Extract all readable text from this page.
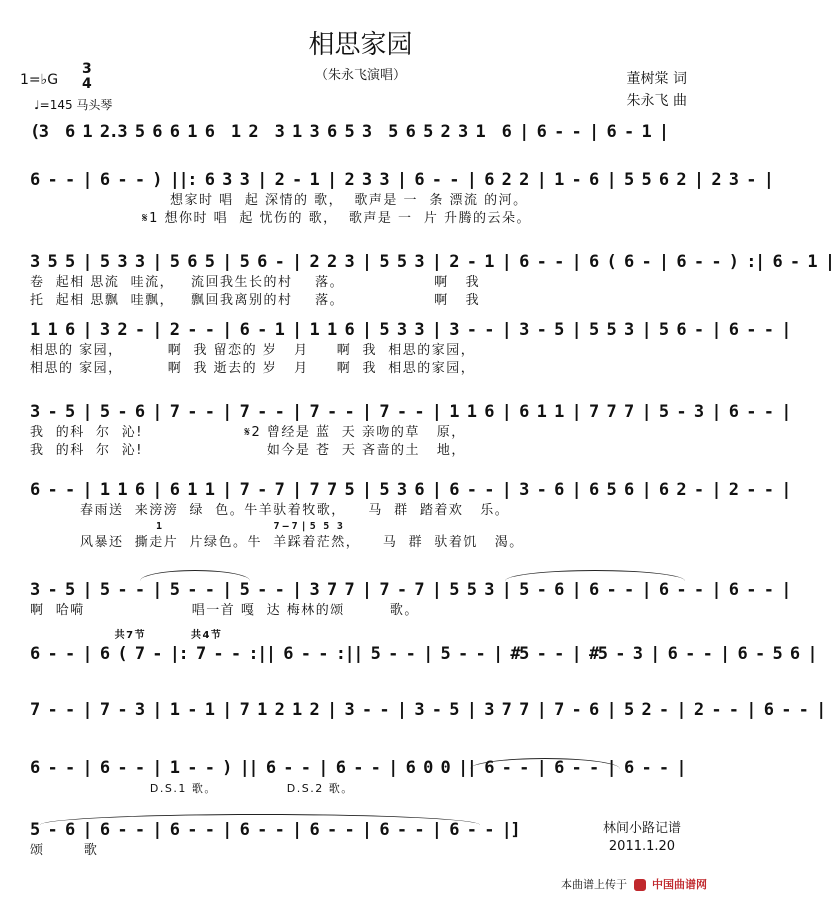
相思家园
（朱永飞演唱）	董树棠 词
朱永飞 曲
1=♭G
3
4
♩=145 马头琴
(3  6 1 2.3 5 6 6 1 6  1 2  3 1 3 6 5 3  5 6 5 2 3 1  6 | 6 - - | 6 - 1 |
6 - - | 6 - - ) ||: 6 3 3 | 2 - 1 | 2 3 3 | 6 - - | 6 2 2 | 1 - 6 | 5 5 6 2 | 2 3 - |
想家时 唱  起 深情的 歌，  歌声是 一  条 漂流 的河。
𝄋1 想你时 唱  起 忧伤的 歌，  歌声是 一  片 升腾的云朵。
3 5 5 | 5 3 3 | 5 6 5 | 5 6 - | 2 2 3 | 5 5 3 | 2 - 1 | 6 - - | 6 ( 6 - | 6 - - ) :| 6 - 1 |
卷  起相 思流  哇流，   流回我生长的村    落。                啊   我
托  起相 思飘  哇飘，   飘回我离别的村    落。                啊   我
1 1 6 | 3 2 - | 2 - - | 6 - 1 | 1 1 6 | 5 3 3 | 3 - - | 3 - 5 | 5 5 3 | 5 6 - | 6 - - |
相思的 家园，        啊  我 留恋的 岁   月     啊  我  相思的家园，
相思的 家园，        啊  我 逝去的 岁   月     啊  我  相思的家园，
3 - 5 | 5 - 6 | 7 - - | 7 - - | 7 - - | 7 - - | 1 1 6 | 6 1 1 | 7 7 7 | 5 - 3 | 6 - - |
我  的科  尔  沁!                  𝄋2 曾经是 蓝  天 亲吻的草   原，
我  的科  尔  沁!                      如今是 苍  天 吝啬的土   地，
6 - - | 1 1 6 | 6 1 1 | 7 - 7 | 7 7 5 | 5 3 6 | 6 - - | 3 - 6 | 6 5 6 | 6 2 - | 2 - - |
春雨送  来滂滂  绿  色。牛羊驮着牧歌，    马  群  踏着欢   乐。
1                         7 — 7 | 5  5  3
风暴还  撕走片  片绿色。牛  羊踩着茫然，    马  群  驮着饥   渴。
3 - 5 | 5 - - | 5 - - | 5 - - | 3 7 7 | 7 - 7 | 5 5 3 | 5 - 6 | 6 - - | 6 - - | 6 - - |
啊  哈嗬                   唱一首 嘎  达 梅林的颂        歌。
共7节         共4节
6 - - | 6 ( 7 - |: 7 - - :|| 6 - - :|| 5 - - | 5 - - | #5 - - | #5 - 3 | 6 - - | 6 - 5 6 |
7 - - | 7 - 3 | 1 - 1 | 7 1 2 1 2 | 3 - - | 3 - 5 | 3 7 7 | 7 - 6 | 5 2 - | 2 - - | 6 - - |
6 - - | 6 - - | 1 - - ) || 6 - - | 6 - - | 6 0 0 || 6 - - | 6 - - | 6 - - |
D.S.1 歌。              D.S.2 歌。
5 - 6 | 6 - - | 6 - - | 6 - - | 6 - - | 6 - - | 6 - - |]
颂       歌
林间小路记谱
2011.1.20
本曲谱上传于 中国曲谱网
